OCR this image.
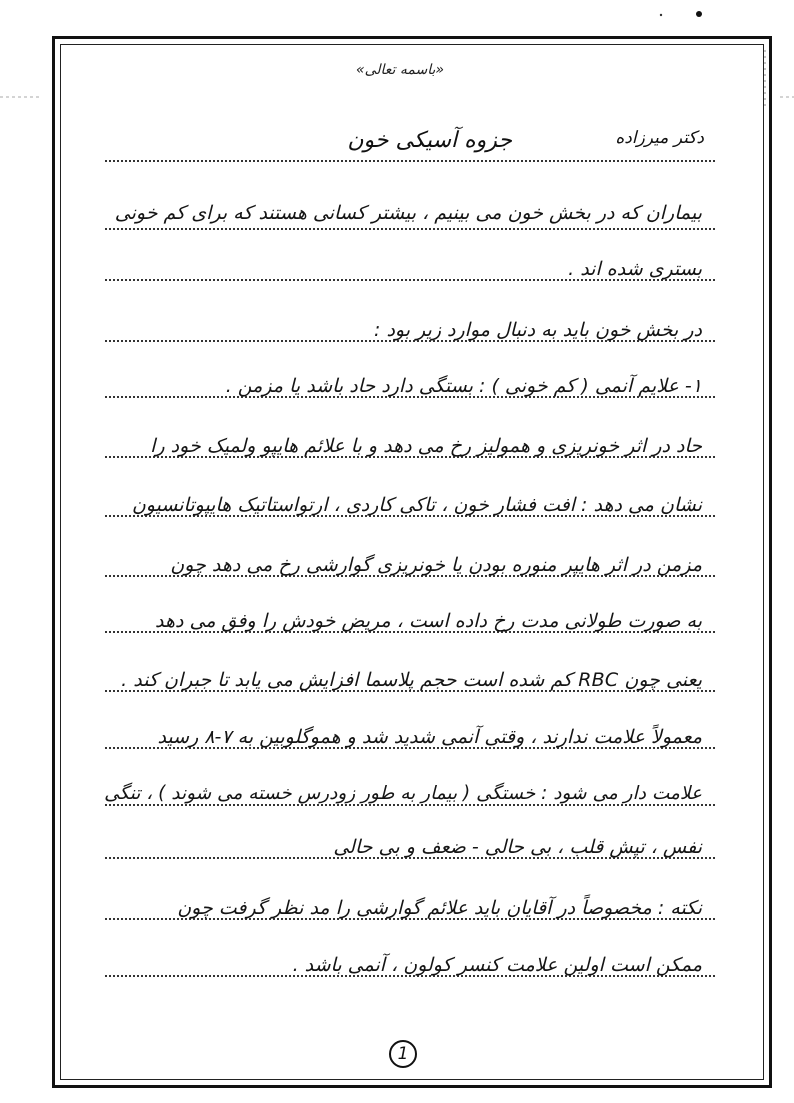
«باسمه تعالی»
جزوه آسیکی خون	دکتر میرزاده
بیماران که در بخش خون می بینیم ، بیشتر کسانی هستند که برای کم خونی
بستری شده اند .
در بخش خون باید به دنبال موارد زیر بود :
۱- علایم آنمی ( کم خونی ) : بستگی دارد حاد باشد یا مزمن .
حاد در اثر خونریزی و همولیز رخ می دهد و با علائم هایپو ولمیک خود را
نشان می دهد : افت فشار خون ، تاکی کاردی ، ارتواستاتیک هایپوتانسیون
مزمن در اثر هایپر منوره بودن یا خونریزی گوارشی رخ می دهد چون
به صورت طولانی مدت رخ داده است ، مریض خودش را وفق می دهد
یعنی چون RBC کم شده است حجم پلاسما افزایش می یابد تا جبران کند .
معمولاً علامت ندارند ، وقتی آنمی شدید شد و هموگلوبین به ۷-۸ رسید
علامت دار می شود : خستگی ( بیمار به طور زودرس خسته می شوند ) ، تنگی
نفس ، تپش قلب ، بی حالی - ضعف و بی حالی
نکته : مخصوصاً در آقایان باید علائم گوارشی را مد نظر گرفت چون
ممکن است اولین علامت کنسر کولون ، آنمی باشد .
1
